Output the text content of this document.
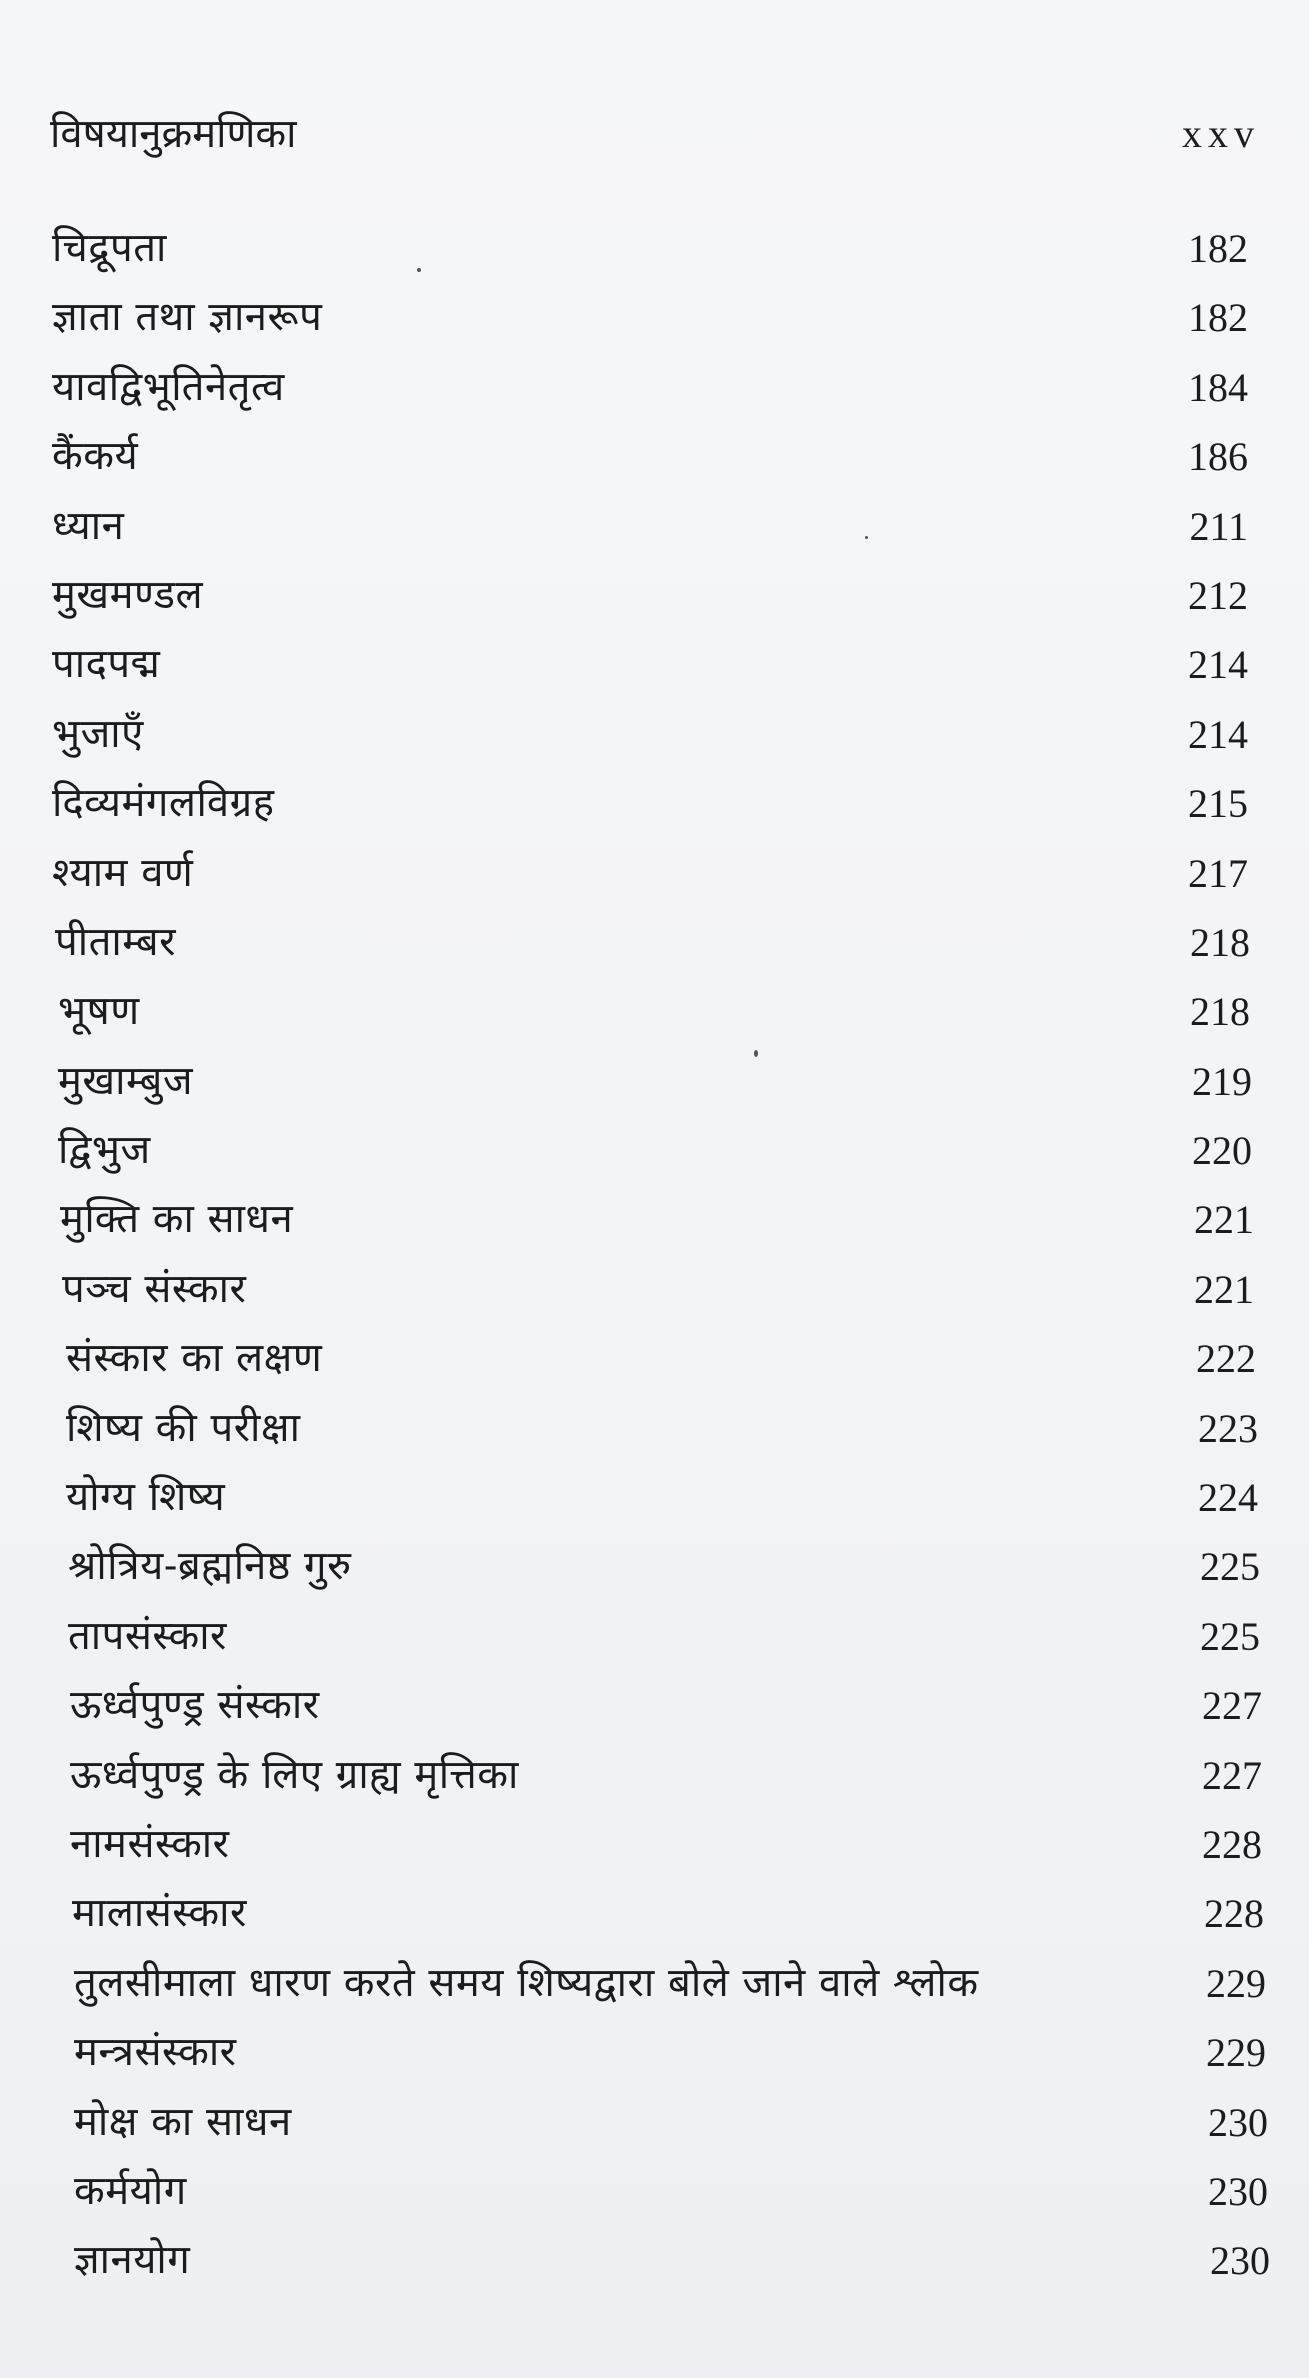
विषयानुक्रमणिका	xxv
चिद्रूपता	182
ज्ञाता तथा ज्ञानरूप	182
यावद्विभूतिनेतृत्व	184
कैंकर्य	186
ध्यान	211
मुखमण्डल	212
पादपद्म	214
भुजाएँ	214
दिव्यमंगलविग्रह	215
श्याम वर्ण	217
पीताम्बर	218
भूषण	218
मुखाम्बुज	219
द्विभुज	220
मुक्ति का साधन	221
पञ्च संस्कार	221
संस्कार का लक्षण	222
शिष्य की परीक्षा	223
योग्य शिष्य	224
श्रोत्रिय-ब्रह्मनिष्ठ गुरु	225
तापसंस्कार	225
ऊर्ध्वपुण्ड्र संस्कार	227
ऊर्ध्वपुण्ड्र के लिए ग्राह्य मृत्तिका	227
नामसंस्कार	228
मालासंस्कार	228
तुलसीमाला धारण करते समय शिष्यद्वारा बोले जाने वाले श्लोक	229
मन्त्रसंस्कार	229
मोक्ष का साधन	230
कर्मयोग	230
ज्ञानयोग	230
